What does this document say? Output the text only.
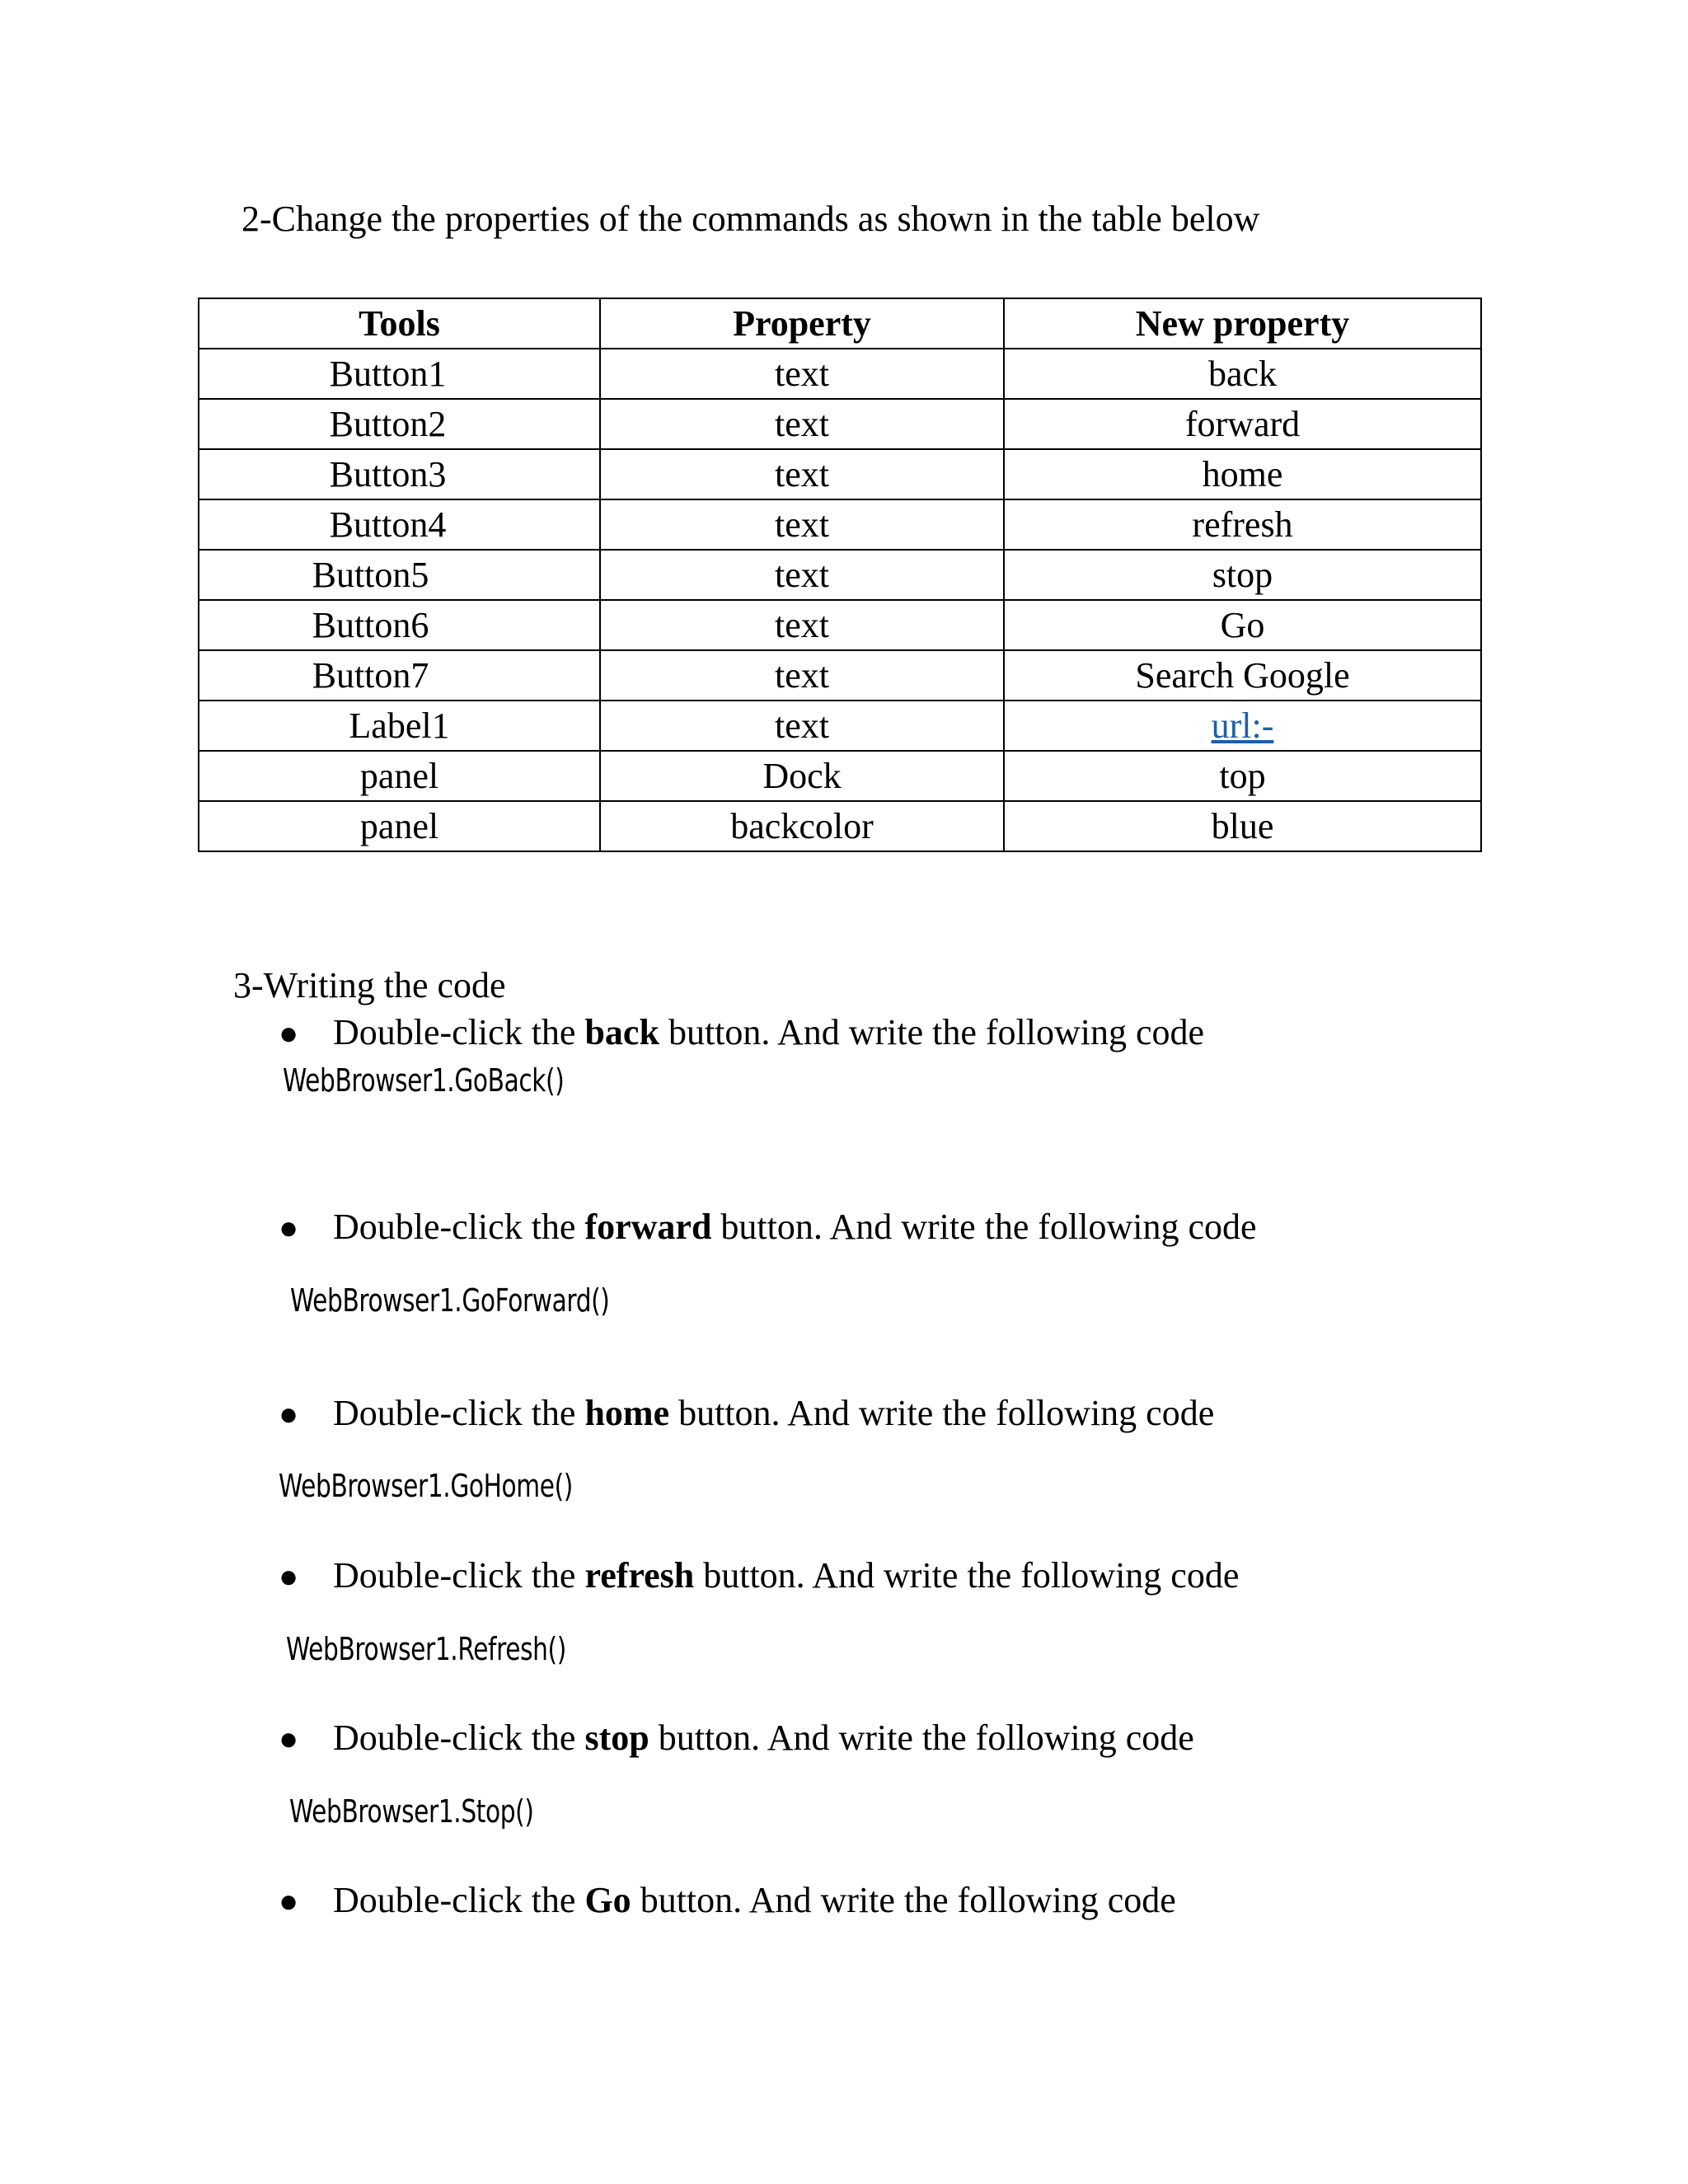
2-Change the properties of the commands as shown in the table below
Tools	Property	New property
Button1	text	back
Button2	text	forward
Button3	text	home
Button4	text	refresh
Button5	text	stop
Button6	text	Go
Button7	text	Search Google
Label1	text	url:-
panel	Dock	top
panel	backcolor	blue
3-Writing the code
● Double-click the back button. And write the following code
WebBrowser1.GoBack()
● Double-click the forward button. And write the following code
WebBrowser1.GoForward()
● Double-click the home button. And write the following code
WebBrowser1.GoHome()
● Double-click the refresh button. And write the following code
WebBrowser1.Refresh()
● Double-click the stop button. And write the following code
WebBrowser1.Stop()
● Double-click the Go button. And write the following code
